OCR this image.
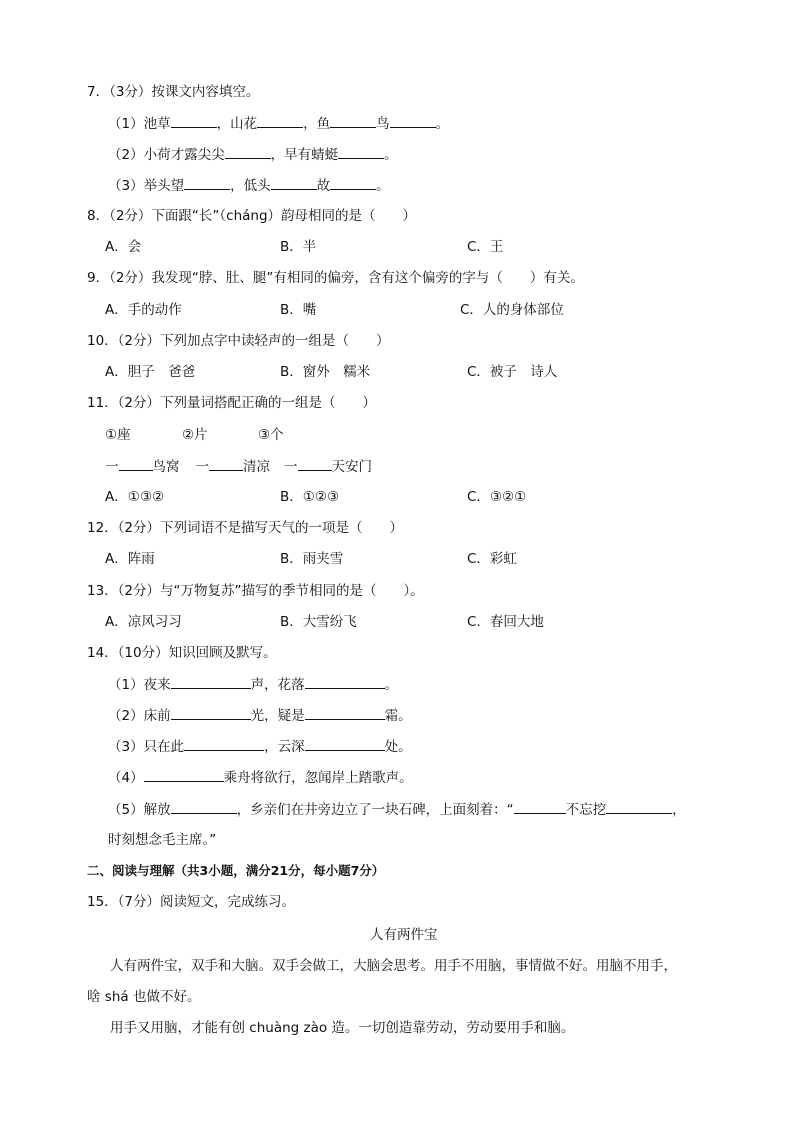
7．（3分）按课文内容填空。
（1）池草	，山花	，鱼	鸟	。
（2）小荷才露尖尖	，早有蜻蜓	。
（3）举头望	，低头	故	。
8．（2分）下面跟“长”（cháng）韵母相同的是（　　）
A．会	B．半	C．王
9．（2分）我发现“脖、肚、腿”有相同的偏旁，含有这个偏旁的字与（　　）有关。
A．手的动作	B．嘴	C．人的身体部位
10．（2分）下列加点字中读轻声的一组是（　　）
A．胆子　爸爸	B．窗外　糯米	C．被子　诗人
11．（2分）下列量词搭配正确的一组是（　　）
①座	②片	③个
一	鸟窝 一	清凉 一	天安门
A．①③②	B．①②③	C．③②①
12．（2分）下列词语不是描写天气的一项是（　　）
A．阵雨	B．雨夹雪	C．彩虹
13．（2分）与“万物复苏”描写的季节相同的是（　　）。
A．凉风习习	B．大雪纷飞	C．春回大地
14．（10分）知识回顾及默写。
（1）夜来	声，花落	。
（2）床前	光，疑是	霜。
（3）只在此	，云深	处。
（4）	乘舟将欲行，忽闻岸上踏歌声。
（5）解放	，乡亲们在井旁边立了一块石碑，上面刻着：“	不忘挖	，
时刻想念毛主席。”
二、阅读与理解（共3小题，满分21分，每小题7分）
15．（7分）阅读短文，完成练习。
人有两件宝
人有两件宝，双手和大脑。双手会做工，大脑会思考。用手不用脑，事情做不好。用脑不用手，
啥 shá 也做不好。
用手又用脑，才能有创 chuàng zào 造。一切创造靠劳动，劳动要用手和脑。
